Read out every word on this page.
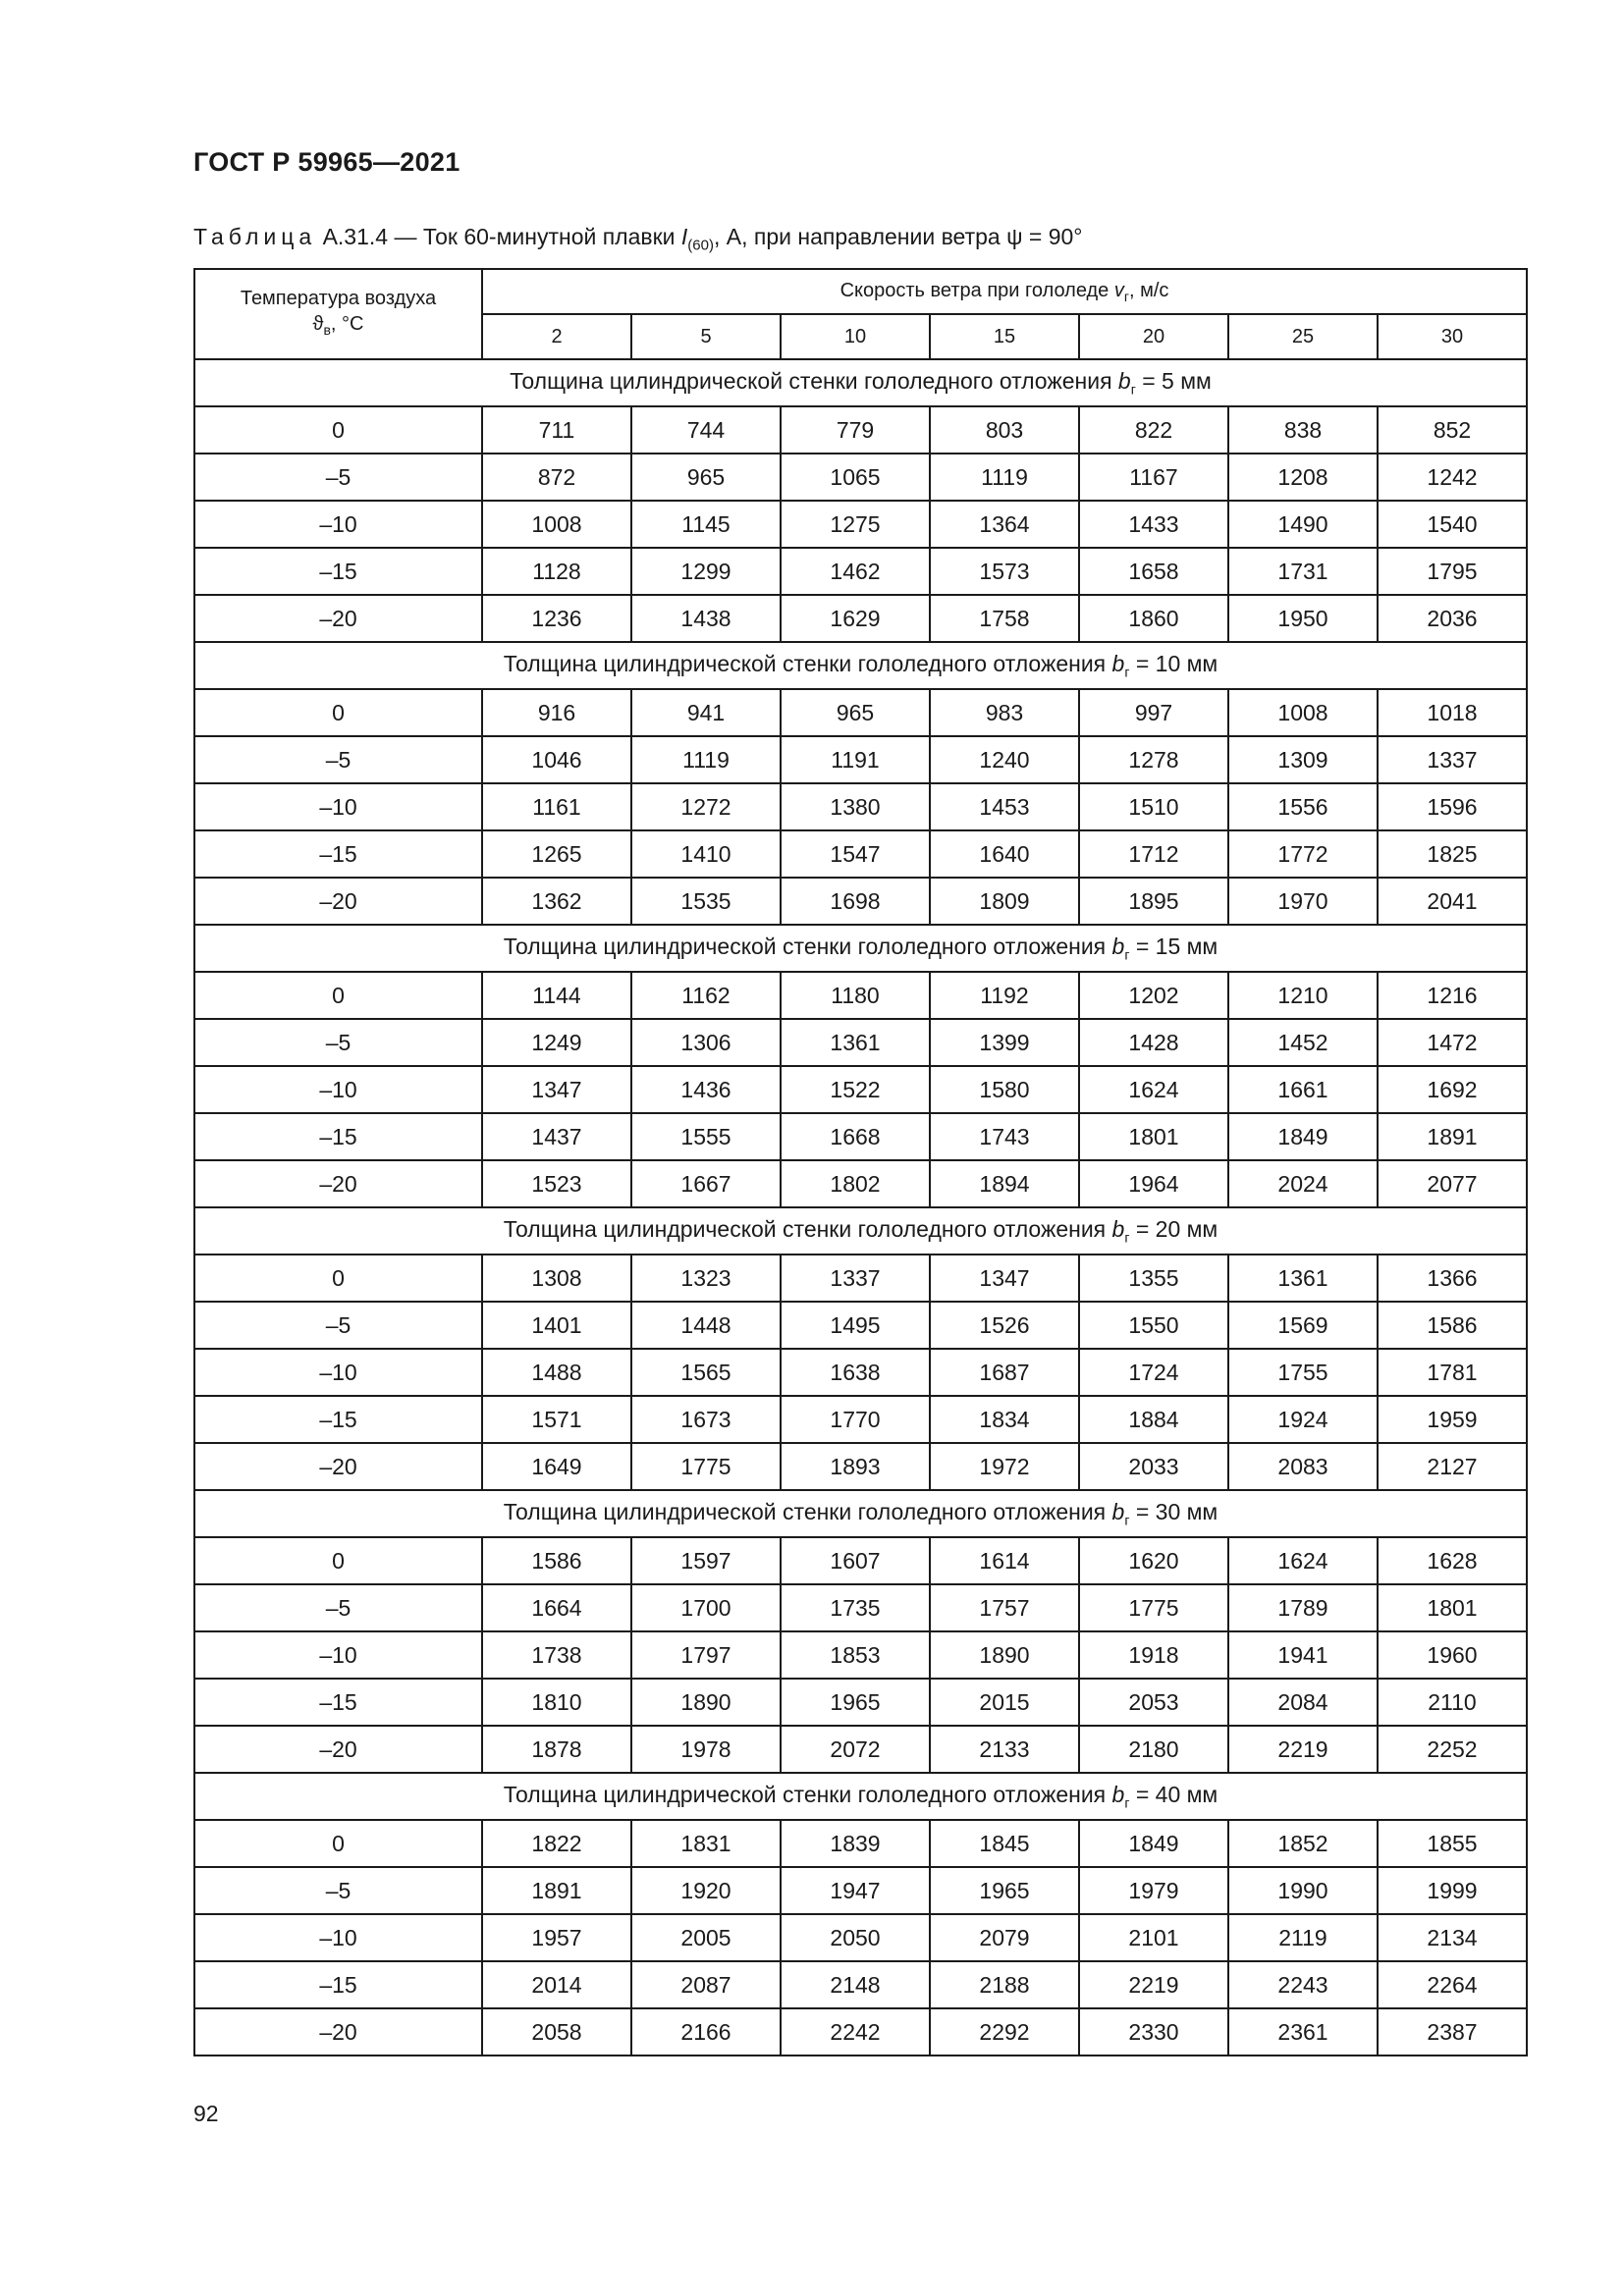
ГОСТ Р 59965—2021
Таблица А.31.4 — Ток 60-минутной плавки $I_{(60)}$, А, при направлении ветра ψ = 90°
Температура воздуха
$ϑ_в$, °С	Скорость ветра при гололеде $v_г$, м/с						
	2	5	10	15	20	25	30
Толщина цилиндрической стенки гололедного отложения $b_г = 5$ мм							
0	711	744	779	803	822	838	852
–5	872	965	1065	1119	1167	1208	1242
–10	1008	1145	1275	1364	1433	1490	1540
–15	1128	1299	1462	1573	1658	1731	1795
–20	1236	1438	1629	1758	1860	1950	2036
Толщина цилиндрической стенки гололедного отложения $b_г = 10$ мм							
0	916	941	965	983	997	1008	1018
–5	1046	1119	1191	1240	1278	1309	1337
–10	1161	1272	1380	1453	1510	1556	1596
–15	1265	1410	1547	1640	1712	1772	1825
–20	1362	1535	1698	1809	1895	1970	2041
Толщина цилиндрической стенки гололедного отложения $b_г = 15$ мм							
0	1144	1162	1180	1192	1202	1210	1216
–5	1249	1306	1361	1399	1428	1452	1472
–10	1347	1436	1522	1580	1624	1661	1692
–15	1437	1555	1668	1743	1801	1849	1891
–20	1523	1667	1802	1894	1964	2024	2077
Толщина цилиндрической стенки гололедного отложения $b_г = 20$ мм							
0	1308	1323	1337	1347	1355	1361	1366
–5	1401	1448	1495	1526	1550	1569	1586
–10	1488	1565	1638	1687	1724	1755	1781
–15	1571	1673	1770	1834	1884	1924	1959
–20	1649	1775	1893	1972	2033	2083	2127
Толщина цилиндрической стенки гололедного отложения $b_г = 30$ мм							
0	1586	1597	1607	1614	1620	1624	1628
–5	1664	1700	1735	1757	1775	1789	1801
–10	1738	1797	1853	1890	1918	1941	1960
–15	1810	1890	1965	2015	2053	2084	2110
–20	1878	1978	2072	2133	2180	2219	2252
Толщина цилиндрической стенки гололедного отложения $b_г = 40$ мм							
0	1822	1831	1839	1845	1849	1852	1855
–5	1891	1920	1947	1965	1979	1990	1999
–10	1957	2005	2050	2079	2101	2119	2134
–15	2014	2087	2148	2188	2219	2243	2264
–20	2058	2166	2242	2292	2330	2361	2387
92
